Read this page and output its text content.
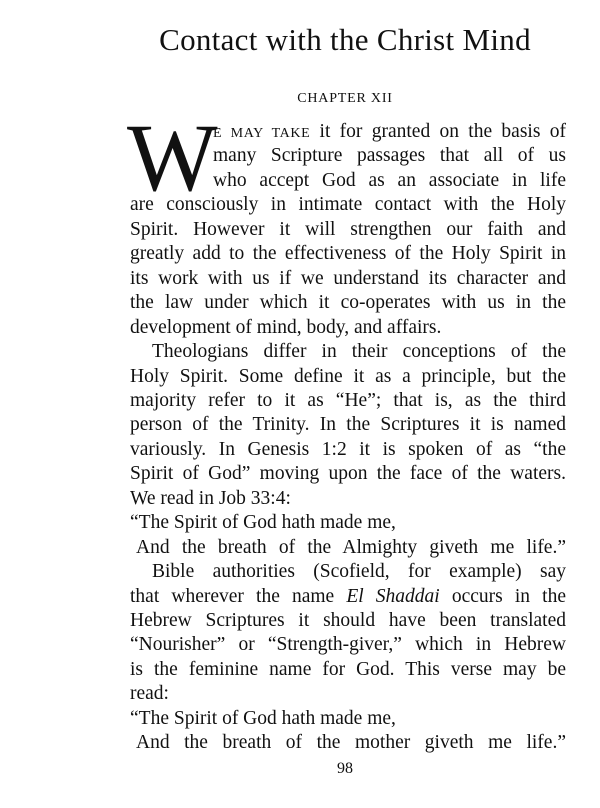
Contact with the Christ Mind
CHAPTER XII
W
E MAY TAKE it for granted on the basis of
many Scripture passages that all of us
who accept God as an associate in life
are consciously in intimate contact with the Holy
Spirit. However it will strengthen our faith and
greatly add to the effectiveness of the Holy Spirit in
its work with us if we understand its character and
the law under which it co-operates with us in the
development of mind, body, and affairs.
Theologians differ in their conceptions of the
Holy Spirit. Some define it as a principle, but the
majority refer to it as “He”; that is, as the third
person of the Trinity. In the Scriptures it is named
variously. In Genesis 1:2 it is spoken of as “the
Spirit of God” moving upon the face of the waters.
We read in Job 33:4:
“The Spirit of God hath made me,
And the breath of the Almighty giveth me life.”
Bible authorities (Scofield, for example) say
that wherever the name El Shaddai occurs in the
Hebrew Scriptures it should have been translated
“Nourisher” or “Strength-giver,” which in Hebrew
is the feminine name for God. This verse may be
read:
“The Spirit of God hath made me,
And the breath of the mother giveth me life.”
98
